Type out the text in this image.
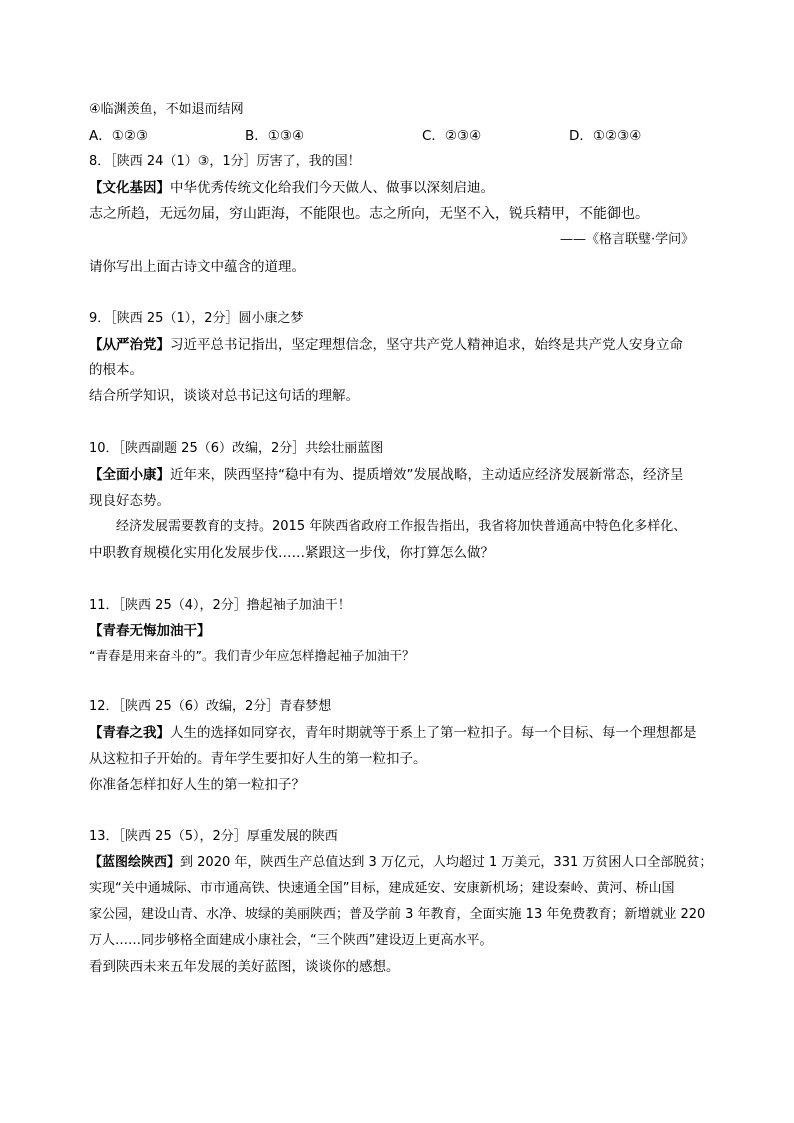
④临渊羡鱼，不如退而结网
A．①②③	B．①③④	C．②③④	D．①②③④
8．［陕西 24（1）③，1分］厉害了，我的国！
【文化基因】中华优秀传统文化给我们今天做人、做事以深刻启迪。
志之所趋，无远勿届，穷山距海，不能限也。志之所向，无坚不入，锐兵精甲，不能御也。
——《格言联璧·学问》
请你写出上面古诗文中蕴含的道理。
9．［陕西 25（1），2分］圆小康之梦
【从严治党】习近平总书记指出，坚定理想信念，坚守共产党人精神追求，始终是共产党人安身立命
的根本。
结合所学知识，谈谈对总书记这句话的理解。
10．［陕西副题 25（6）改编，2分］共绘壮丽蓝图
【全面小康】近年来，陕西坚持“稳中有为、提质增效”发展战略，主动适应经济发展新常态，经济呈
现良好态势。
经济发展需要教育的支持。2015 年陕西省政府工作报告指出，我省将加快普通高中特色化多样化、
中职教育规模化实用化发展步伐……紧跟这一步伐，你打算怎么做？
11．［陕西 25（4），2分］撸起袖子加油干！
【青春无悔加油干】
“青春是用来奋斗的”。我们青少年应怎样撸起袖子加油干？
12．［陕西 25（6）改编，2分］青春梦想
【青春之我】人生的选择如同穿衣，青年时期就等于系上了第一粒扣子。每一个目标、每一个理想都是
从这粒扣子开始的。青年学生要扣好人生的第一粒扣子。
你准备怎样扣好人生的第一粒扣子？
13．［陕西 25（5），2分］厚重发展的陕西
【蓝图绘陕西】到 2020 年，陕西生产总值达到 3 万亿元，人均超过 1 万美元，331 万贫困人口全部脱贫；
实现“关中通城际、市市通高铁、快速通全国”目标，建成延安、安康新机场；建设秦岭、黄河、桥山国
家公园，建设山青、水净、坡绿的美丽陕西；普及学前 3 年教育，全面实施 13 年免费教育；新增就业 220
万人……同步够格全面建成小康社会，“三个陕西”建设迈上更高水平。
看到陕西未来五年发展的美好蓝图，谈谈你的感想。
